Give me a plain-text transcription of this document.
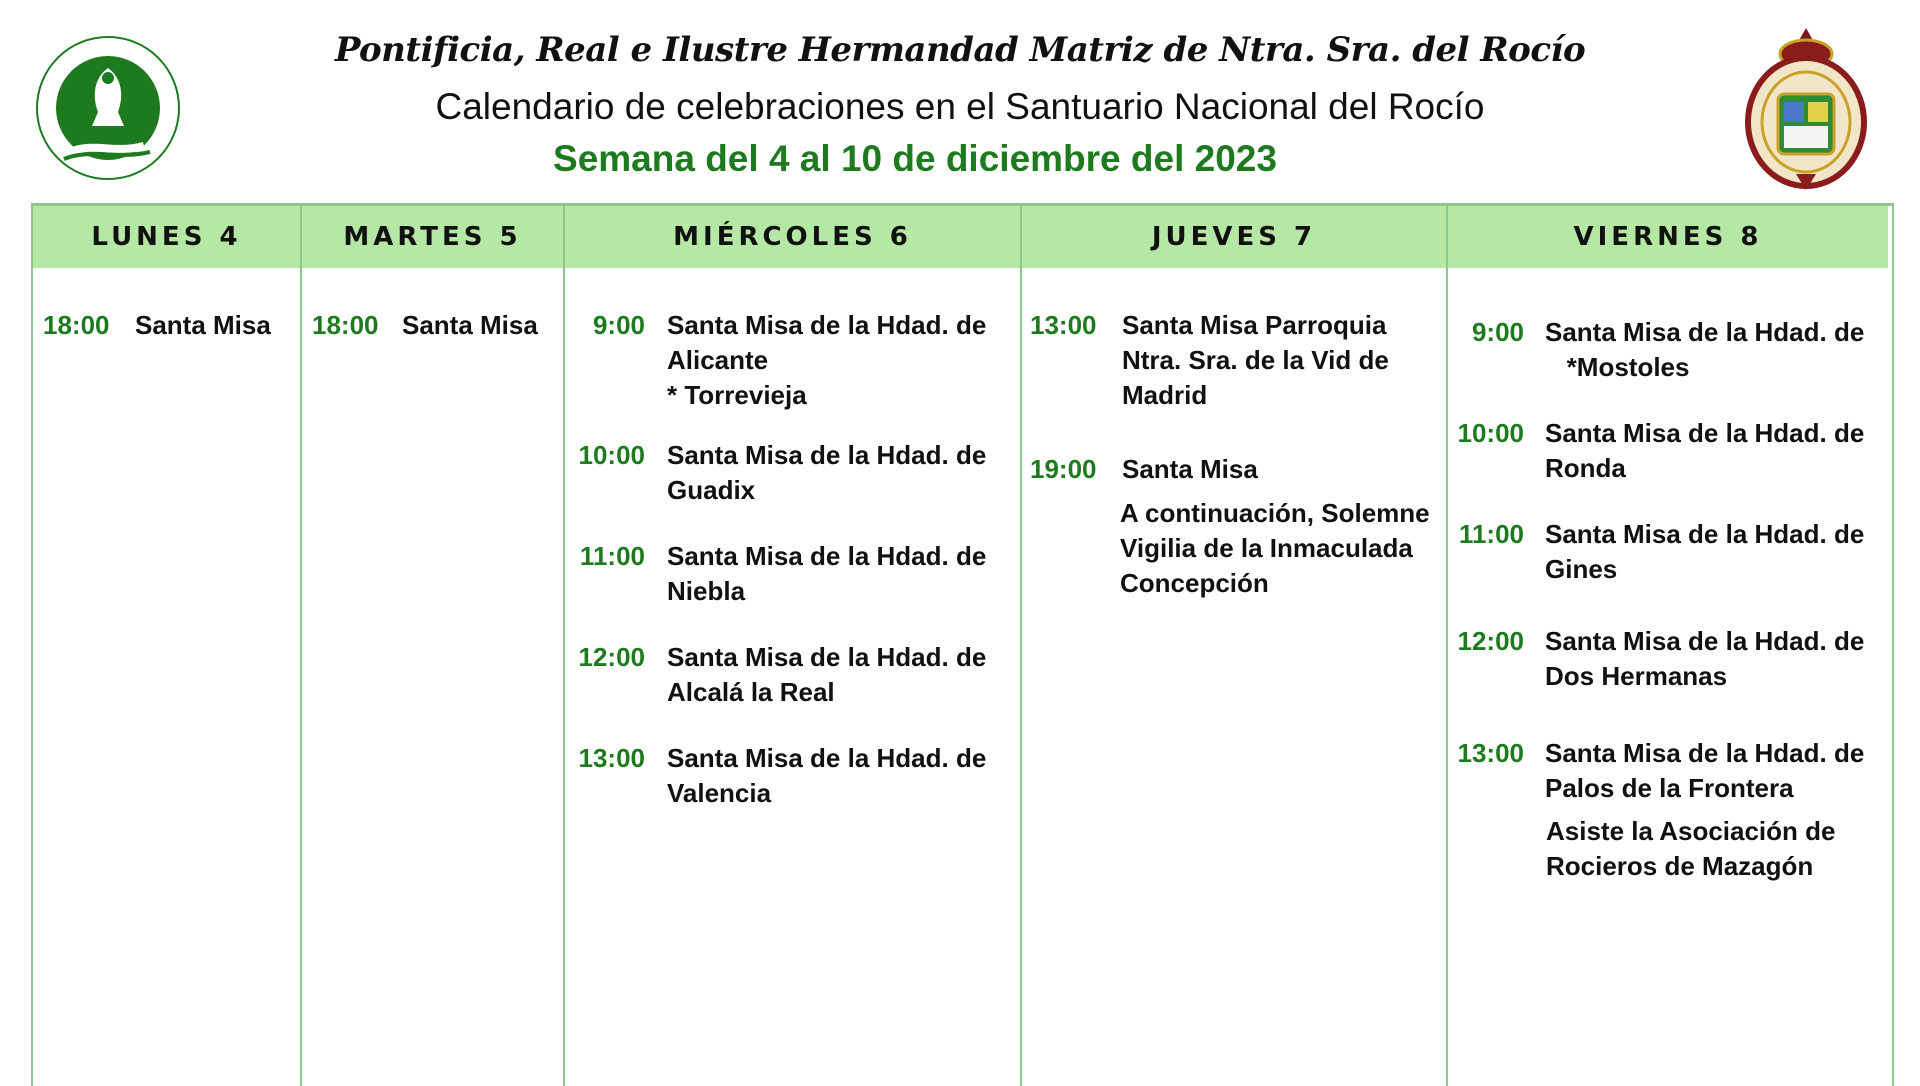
Pontificia, Real e Ilustre Hermandad Matriz de Ntra. Sra. del Rocío
Calendario de celebraciones en el Santuario Nacional del Rocío
Semana del 4 al 10 de diciembre del 2023
LUNES 4
18:00 Santa Misa
MARTES 5
18:00 Santa Misa
MIÉRCOLES 6
9:00 Santa Misa de la Hdad. de
Alicante
* Torrevieja
10:00 Santa Misa de la Hdad. de
Guadix
11:00 Santa Misa de la Hdad. de
Niebla
12:00 Santa Misa de la Hdad. de
Alcalá la Real
13:00 Santa Misa de la Hdad. de
Valencia
JUEVES 7
13:00 Santa Misa Parroquia
Ntra. Sra. de la Vid de
Madrid
19:00 Santa Misa
A continuación, Solemne
Vigilia de la Inmaculada
Concepción
VIERNES 8
9:00 Santa Misa de la Hdad. de
*Mostoles
10:00 Santa Misa de la Hdad. de
Ronda
11:00 Santa Misa de la Hdad. de
Gines
12:00 Santa Misa de la Hdad. de
Dos Hermanas
13:00 Santa Misa de la Hdad. de
Palos de la Frontera
Asiste la Asociación de
Rocieros de Mazagón
